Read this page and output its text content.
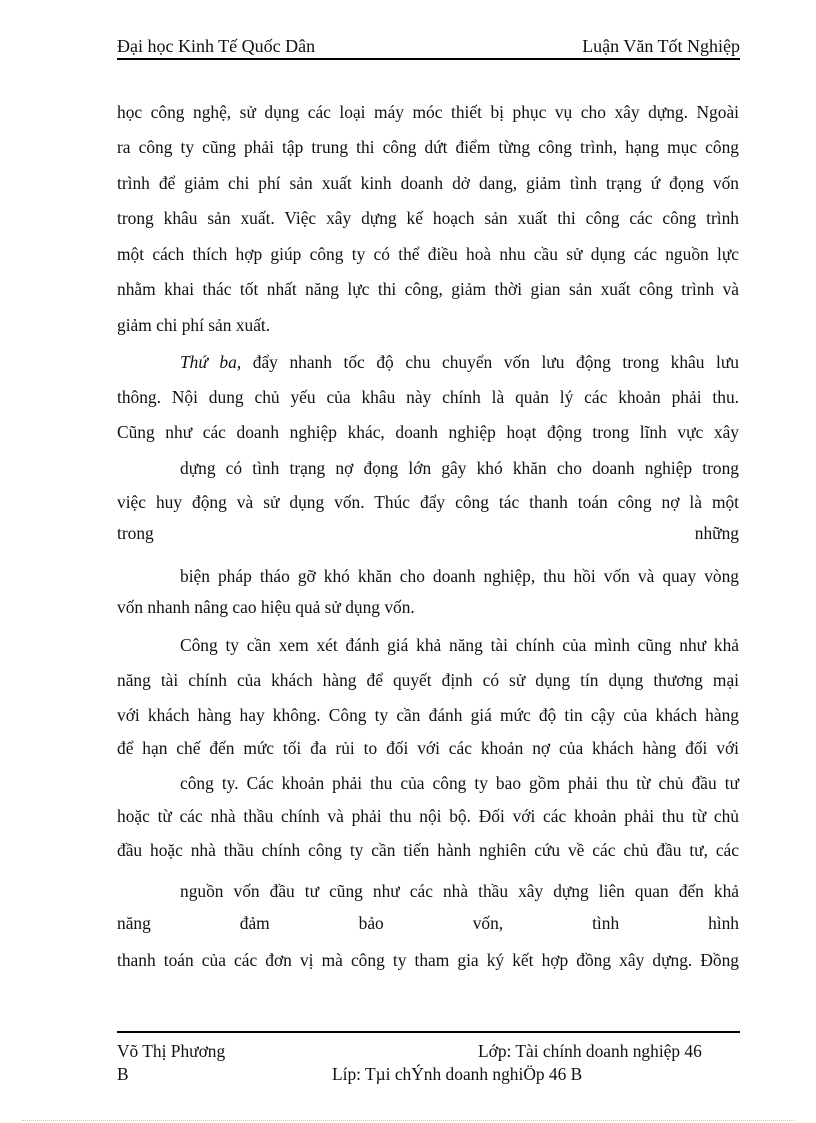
Đại học Kinh Tế Quốc Dân	Luận Văn Tốt Nghiệp
học công nghệ, sử dụng các loại máy móc thiết bị phục vụ cho xây dựng. Ngoài
ra công ty cũng phải tập trung thi công dứt điểm từng công trình, hạng mục công
trình để giảm chi phí sản xuất kinh doanh dở dang, giảm tình trạng ứ đọng vốn
trong khâu sản xuất. Việc xây dựng kế hoạch sản xuất thi công các công trình
một cách thích hợp giúp công ty có thể điều hoà nhu cầu sử dụng các nguồn lực
nhằm khai thác tốt nhất năng lực thi công, giảm thời gian sản xuất công trình và
giảm chi phí sản xuất.
Thứ ba, đẩy nhanh tốc độ chu chuyển vốn lưu động trong khâu lưu
thông. Nội dung chủ yếu của khâu này chính là quản lý các khoản phải thu.
Cũng như các doanh nghiệp khác, doanh nghiệp hoạt động trong lĩnh vực xây
dựng có tình trạng nợ đọng lớn gây khó khăn cho doanh nghiệp trong
việc huy động và sử dụng vốn. Thúc đẩy công tác thanh toán công nợ là một
trong	những
biện pháp tháo gỡ khó khăn cho doanh nghiệp, thu hồi vốn và quay vòng
vốn nhanh nâng cao hiệu quả sử dụng vốn.
Công ty cần xem xét đánh giá khả năng tài chính của mình cũng như khả
năng tài chính của khách hàng để quyết định có sử dụng tín dụng thương mại
với khách hàng hay không. Công ty cần đánh giá mức độ tin cậy của khách hàng
để hạn chế đến mức tối đa rủi to đối với các khoản nợ của khách hàng đối với
công ty. Các khoản phải thu của công ty bao gồm phải thu từ chủ đầu tư
hoặc từ các nhà thầu chính và phải thu nội bộ. Đối với các khoản phải thu từ chủ
đầu hoặc nhà thầu chính công ty cần tiến hành nghiên cứu về các chủ đầu tư, các
nguồn vốn đầu tư cũng như các nhà thầu xây dựng liên quan đến khả
năng đảm bảo vốn, tình hình
thanh toán của các đơn vị mà công ty tham gia ký kết hợp đồng xây dựng. Đồng
Võ Thị Phương	Lớp: Tài chính doanh nghiệp 46
B	Líp: Tµi chÝnh doanh nghiÖp 46 B
